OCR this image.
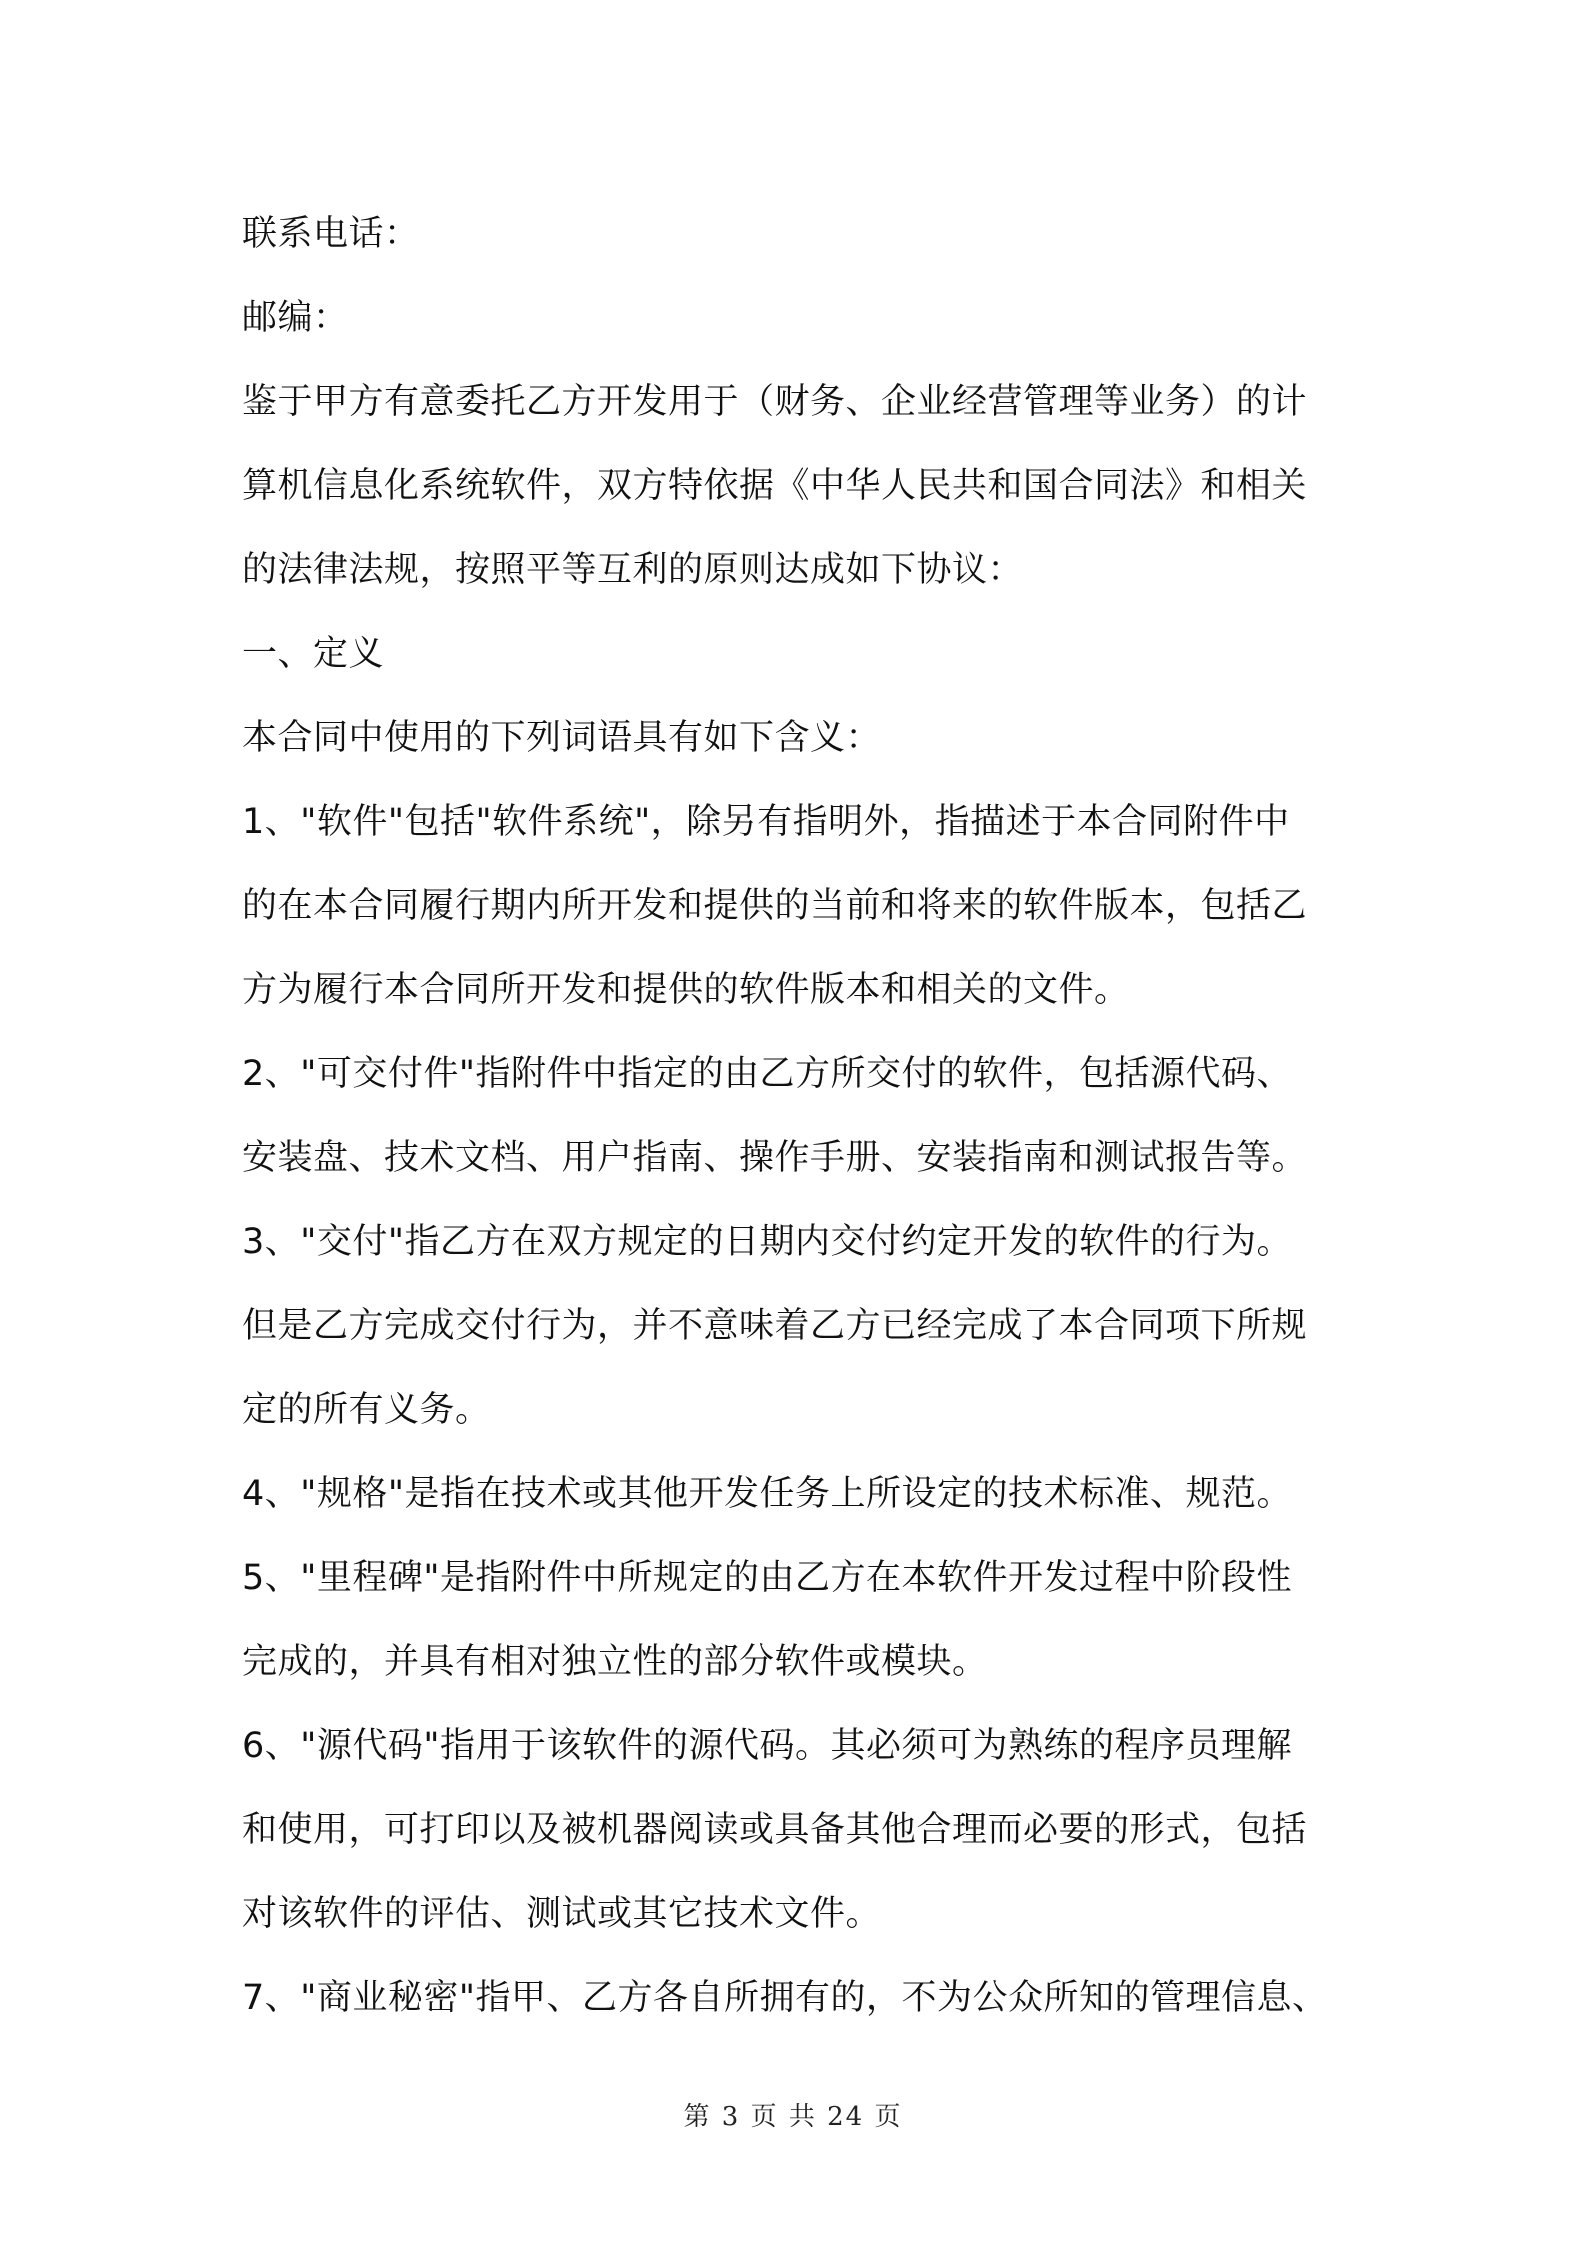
联系电话：
邮编：
鉴于甲方有意委托乙方开发用于（财务、企业经营管理等业务）的计
算机信息化系统软件，双方特依据《中华人民共和国合同法》和相关
的法律法规，按照平等互利的原则达成如下协议：
一、定义
本合同中使用的下列词语具有如下含义：
1、"软件"包括"软件系统"，除另有指明外，指描述于本合同附件中
的在本合同履行期内所开发和提供的当前和将来的软件版本，包括乙
方为履行本合同所开发和提供的软件版本和相关的文件。
2、"可交付件"指附件中指定的由乙方所交付的软件，包括源代码、
安装盘、技术文档、用户指南、操作手册、安装指南和测试报告等。
3、"交付"指乙方在双方规定的日期内交付约定开发的软件的行为。
但是乙方完成交付行为，并不意味着乙方已经完成了本合同项下所规
定的所有义务。
4、"规格"是指在技术或其他开发任务上所设定的技术标准、规范。
5、"里程碑"是指附件中所规定的由乙方在本软件开发过程中阶段性
完成的，并具有相对独立性的部分软件或模块。
6、"源代码"指用于该软件的源代码。其必须可为熟练的程序员理解
和使用，可打印以及被机器阅读或具备其他合理而必要的形式，包括
对该软件的评估、测试或其它技术文件。
7、"商业秘密"指甲、乙方各自所拥有的，不为公众所知的管理信息、
第 3 页 共 24 页
